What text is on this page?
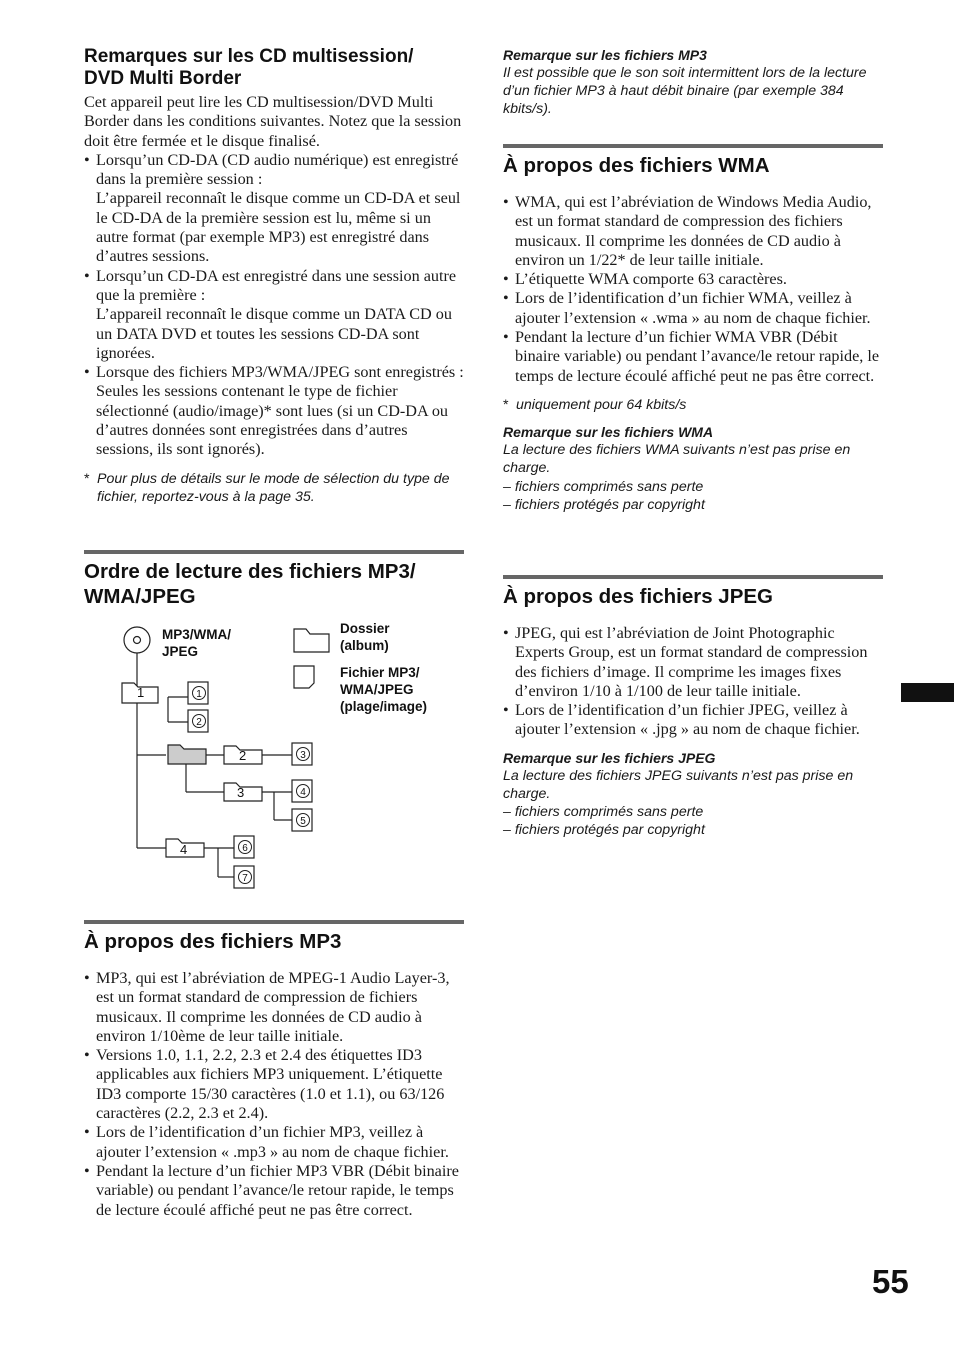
Remarques sur les CD multisession/
DVD Multi Border

Cet appareil peut lire les CD multisession/DVD Multi Border dans les conditions suivantes. Notez que la session doit être fermée et le disque finalisé.

• Lorsqu’un CD-DA (CD audio numérique) est enregistré dans la première session :
L’appareil reconnaît le disque comme un CD-DA et seul le CD-DA de la première session est lu, même si un autre format (par exemple MP3) est enregistré dans d’autres sessions.
• Lorsqu’un CD-DA est enregistré dans une session autre que la première :
L’appareil reconnaît le disque comme un DATA CD ou un DATA DVD et toutes les sessions CD-DA sont ignorées.
• Lorsque des fichiers MP3/WMA/JPEG sont enregistrés :
Seules les sessions contenant le type de fichier sélectionné (audio/image)* sont lues (si un CD-DA ou d’autres données sont enregistrées dans d’autres sessions, ils sont ignorés).

* Pour plus de détails sur le mode de sélection du type de fichier, reportez-vous à la page 35.

Ordre de lecture des fichiers MP3/
WMA/JPEG
MP3/WMA/
JPEG
Dossier
(album)
Fichier MP3/
WMA/JPEG
(plage/image)
1
2
3
4
1
2
3
4
5
6
7
À propos des fichiers MP3
• MP3, qui est l’abréviation de MPEG-1 Audio Layer-3, est un format standard de compression de fichiers musicaux. Il comprime les données de CD audio à environ 1/10ème de leur taille initiale.
• Versions 1.0, 1.1, 2.2, 2.3 et 2.4 des étiquettes ID3 applicables aux fichiers MP3 uniquement. L’étiquette ID3 comporte 15/30 caractères (1.0 et 1.1), ou 63/126 caractères (2.2, 2.3 et 2.4).
• Lors de l’identification d’un fichier MP3, veillez à ajouter l’extension « .mp3 » au nom de chaque fichier.
• Pendant la lecture d’un fichier MP3 VBR (Débit binaire variable) ou pendant l’avance/le retour rapide, le temps de lecture écoulé affiché peut ne pas être correct.

Remarque sur les fichiers MP3

Il est possible que le son soit intermittent lors de la lecture d’un fichier MP3 à haut débit binaire (par exemple 384 kbits/s).

À propos des fichiers WMA
• WMA, qui est l’abréviation de Windows Media Audio, est un format standard de compression des fichiers musicaux. Il comprime les données de CD audio à environ un 1/22* de leur taille initiale.
• L’étiquette WMA comporte 63 caractères.
• Lors de l’identification d’un fichier WMA, veillez à ajouter l’extension « .wma » au nom de chaque fichier.
• Pendant la lecture d’un fichier WMA VBR (Débit binaire variable) ou pendant l’avance/le retour rapide, le temps de lecture écoulé affiché peut ne pas être correct.

* uniquement pour 64 kbits/s

Remarque sur les fichiers WMA

La lecture des fichiers WMA suivants n’est pas prise en charge.

– fichiers comprimés sans perte

– fichiers protégés par copyright

À propos des fichiers JPEG
• JPEG, qui est l’abréviation de Joint Photographic Experts Group, est un format standard de compression des fichiers d’image. Il comprime les images fixes d’environ 1/10 à 1/100 de leur taille initiale.
• Lors de l’identification d’un fichier JPEG, veillez à ajouter l’extension « .jpg » au nom de chaque fichier.

Remarque sur les fichiers JPEG

La lecture des fichiers JPEG suivants n’est pas prise en charge.

– fichiers comprimés sans perte

– fichiers protégés par copyright

55
